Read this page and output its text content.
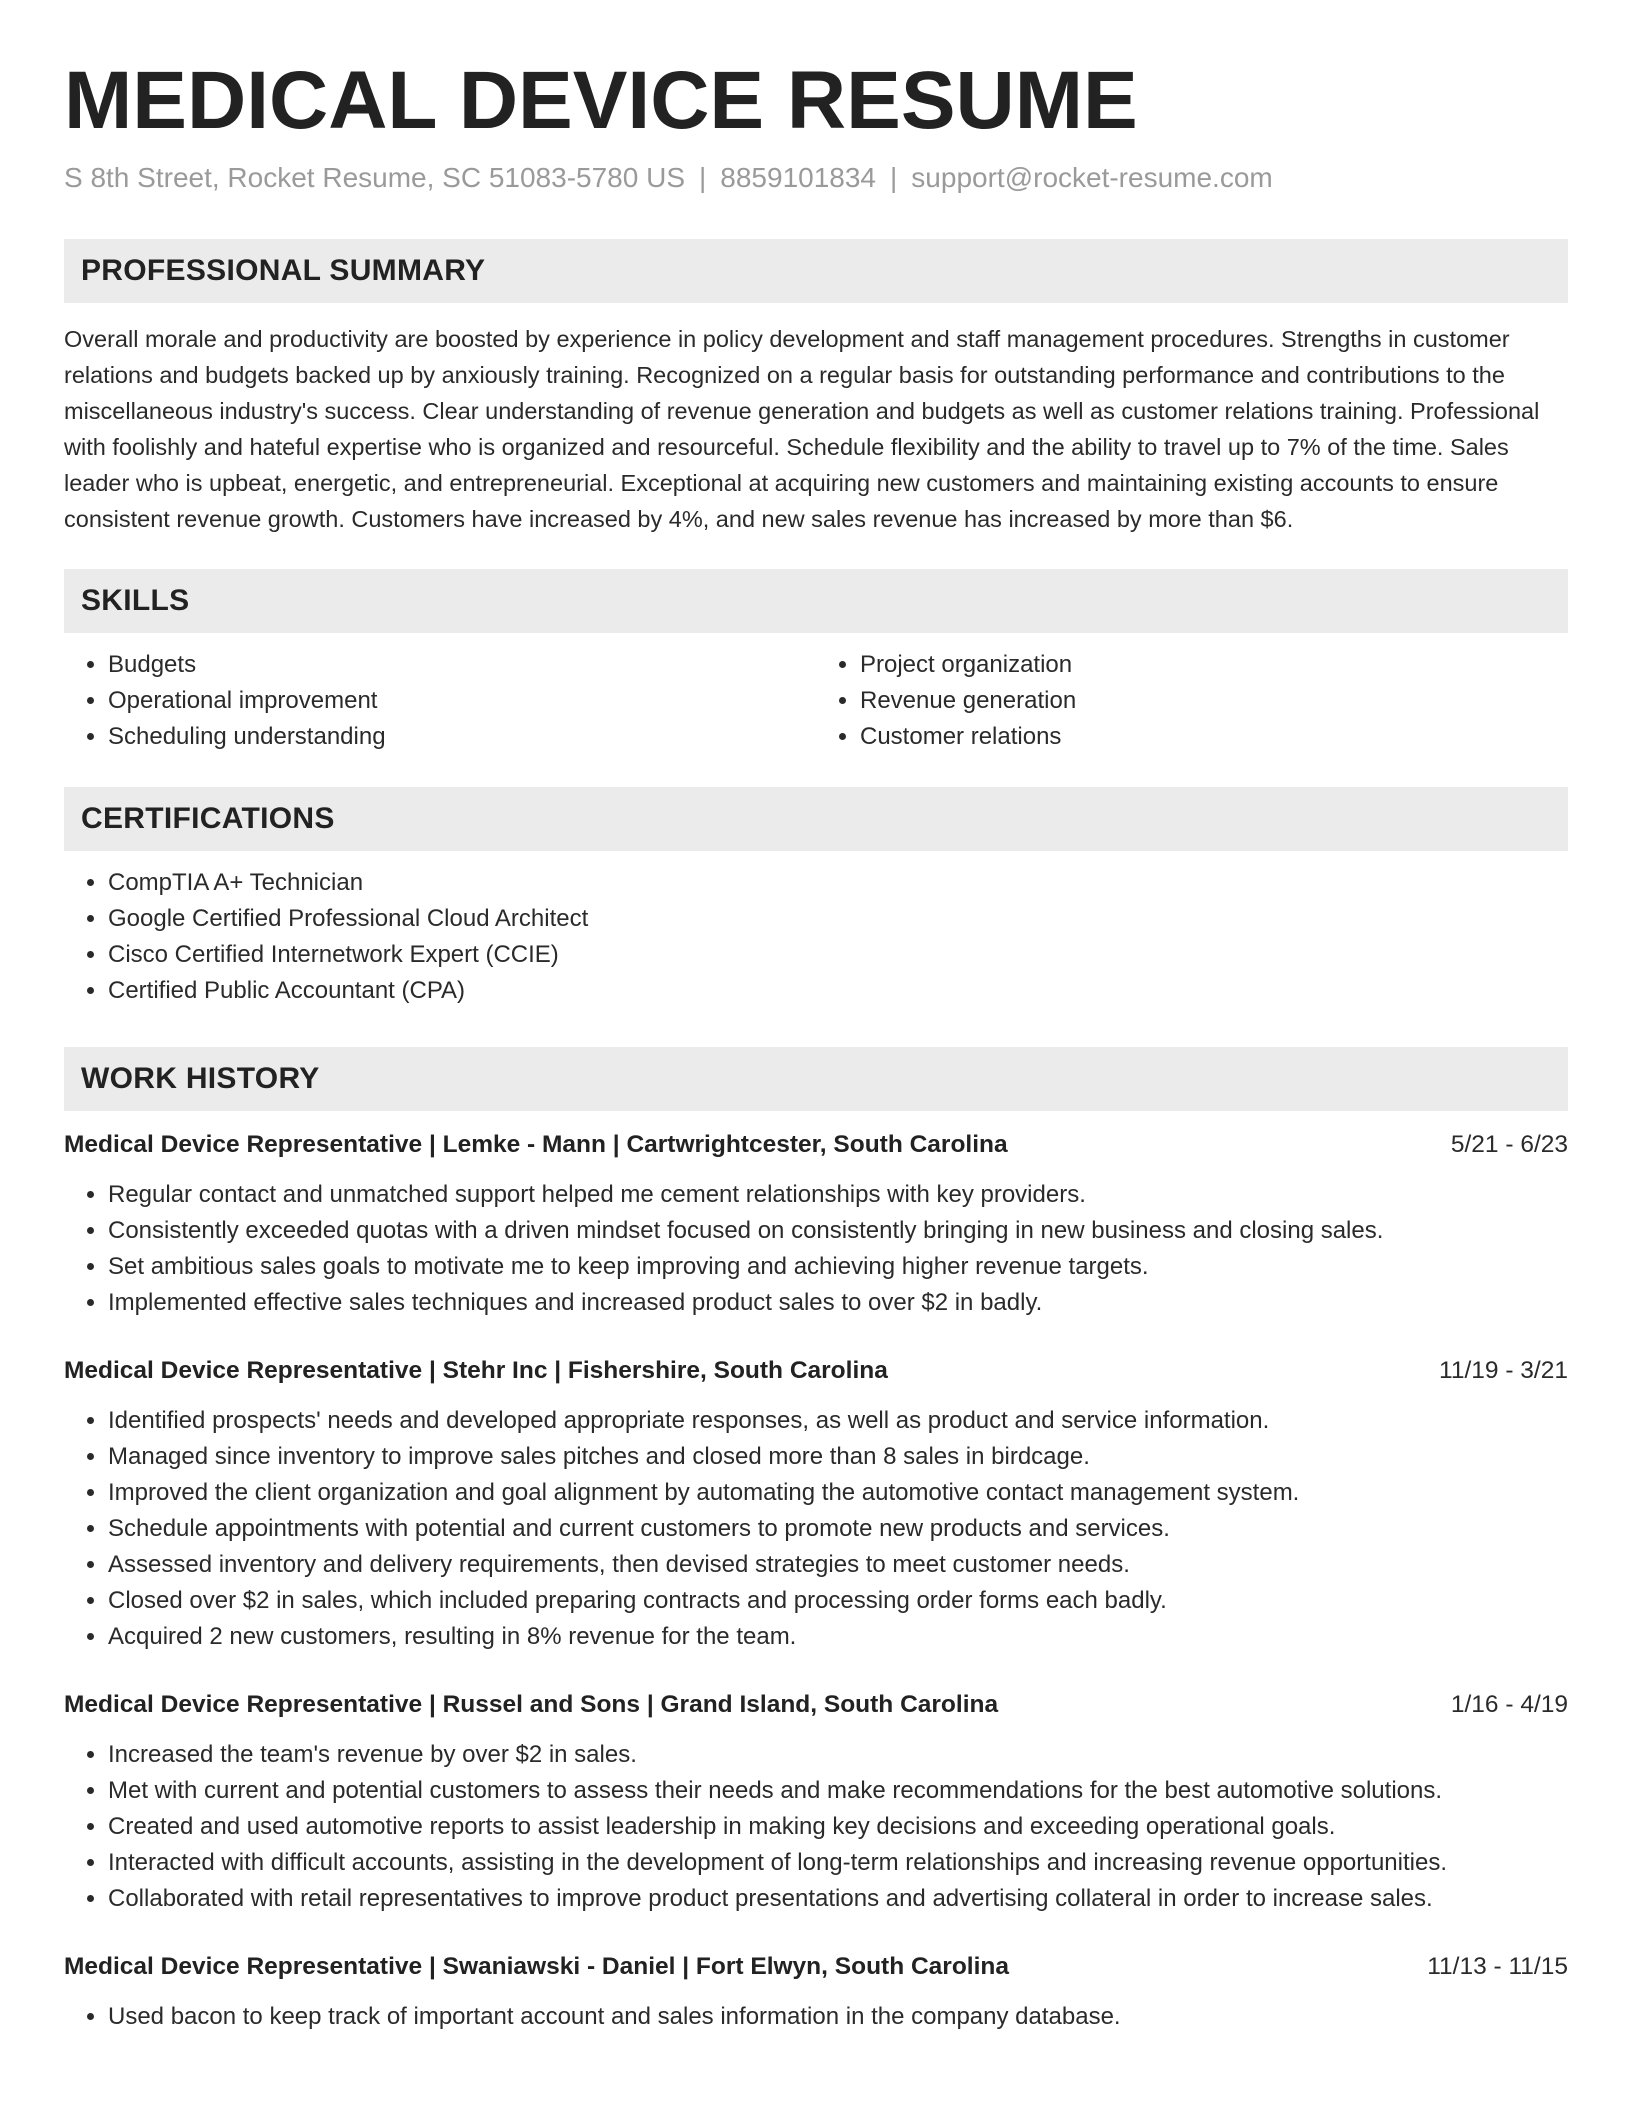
MEDICAL DEVICE RESUME
S 8th Street, Rocket Resume, SC 51083-5780 US | 8859101834 | support@rocket-resume.com
PROFESSIONAL SUMMARY
Overall morale and productivity are boosted by experience in policy development and staff management procedures. Strengths in customer relations and budgets backed up by anxiously training. Recognized on a regular basis for outstanding performance and contributions to the miscellaneous industry's success. Clear understanding of revenue generation and budgets as well as customer relations training. Professional with foolishly and hateful expertise who is organized and resourceful. Schedule flexibility and the ability to travel up to 7% of the time. Sales leader who is upbeat, energetic, and entrepreneurial. Exceptional at acquiring new customers and maintaining existing accounts to ensure consistent revenue growth. Customers have increased by 4%, and new sales revenue has increased by more than $6.
SKILLS
• Budgets
• Operational improvement
• Scheduling understanding
• Project organization
• Revenue generation
• Customer relations
CERTIFICATIONS
• CompTIA A+ Technician
• Google Certified Professional Cloud Architect
• Cisco Certified Internetwork Expert (CCIE)
• Certified Public Accountant (CPA)
WORK HISTORY
Medical Device Representative | Lemke - Mann | Cartwrightcester, South Carolina	5/21 - 6/23
• Regular contact and unmatched support helped me cement relationships with key providers.
• Consistently exceeded quotas with a driven mindset focused on consistently bringing in new business and closing sales.
• Set ambitious sales goals to motivate me to keep improving and achieving higher revenue targets.
• Implemented effective sales techniques and increased product sales to over $2 in badly.
Medical Device Representative | Stehr Inc | Fishershire, South Carolina	11/19 - 3/21
• Identified prospects' needs and developed appropriate responses, as well as product and service information.
• Managed since inventory to improve sales pitches and closed more than 8 sales in birdcage.
• Improved the client organization and goal alignment by automating the automotive contact management system.
• Schedule appointments with potential and current customers to promote new products and services.
• Assessed inventory and delivery requirements, then devised strategies to meet customer needs.
• Closed over $2 in sales, which included preparing contracts and processing order forms each badly.
• Acquired 2 new customers, resulting in 8% revenue for the team.
Medical Device Representative | Russel and Sons | Grand Island, South Carolina	1/16 - 4/19
• Increased the team's revenue by over $2 in sales.
• Met with current and potential customers to assess their needs and make recommendations for the best automotive solutions.
• Created and used automotive reports to assist leadership in making key decisions and exceeding operational goals.
• Interacted with difficult accounts, assisting in the development of long-term relationships and increasing revenue opportunities.
• Collaborated with retail representatives to improve product presentations and advertising collateral in order to increase sales.
Medical Device Representative | Swaniawski - Daniel | Fort Elwyn, South Carolina	11/13 - 11/15
• Used bacon to keep track of important account and sales information in the company database.
